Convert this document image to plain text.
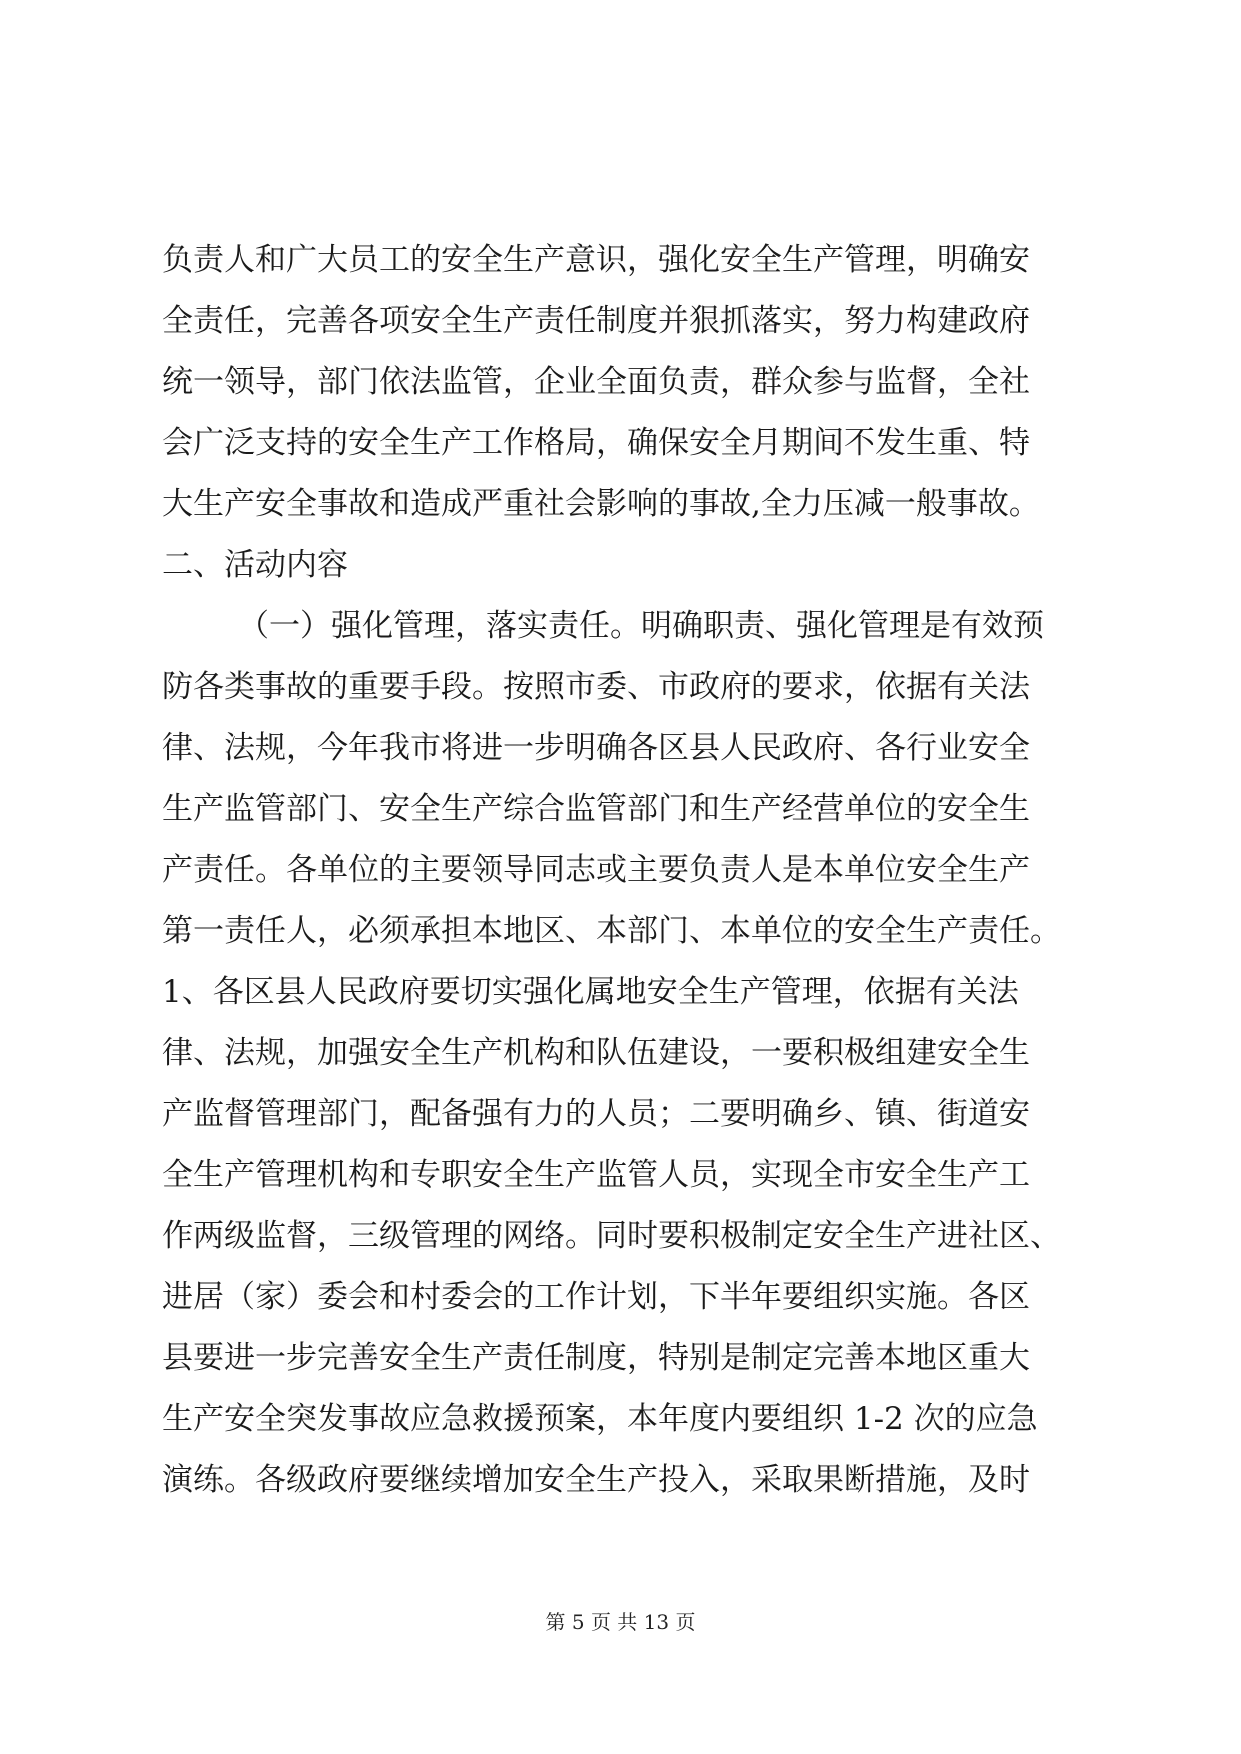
负责人和广大员工的安全生产意识，强化安全生产管理，明确安
全责任，完善各项安全生产责任制度并狠抓落实，努力构建政府
统一领导，部门依法监管，企业全面负责，群众参与监督，全社
会广泛支持的安全生产工作格局，确保安全月期间不发生重、特
大生产安全事故和造成严重社会影响的事故,全力压减一般事故。
二、活动内容
（一）强化管理，落实责任。明确职责、强化管理是有效预
防各类事故的重要手段。按照市委、市政府的要求，依据有关法
律、法规，今年我市将进一步明确各区县人民政府、各行业安全
生产监管部门、安全生产综合监管部门和生产经营单位的安全生
产责任。各单位的主要领导同志或主要负责人是本单位安全生产
第一责任人，必须承担本地区、本部门、本单位的安全生产责任。
1、各区县人民政府要切实强化属地安全生产管理，依据有关法
律、法规，加强安全生产机构和队伍建设，一要积极组建安全生
产监督管理部门，配备强有力的人员；二要明确乡、镇、街道安
全生产管理机构和专职安全生产监管人员，实现全市安全生产工
作两级监督，三级管理的网络。同时要积极制定安全生产进社区、
进居（家）委会和村委会的工作计划，下半年要组织实施。各区
县要进一步完善安全生产责任制度，特别是制定完善本地区重大
生产安全突发事故应急救援预案，本年度内要组织 1-2 次的应急
演练。各级政府要继续增加安全生产投入，采取果断措施，及时
第 5 页 共 13 页
